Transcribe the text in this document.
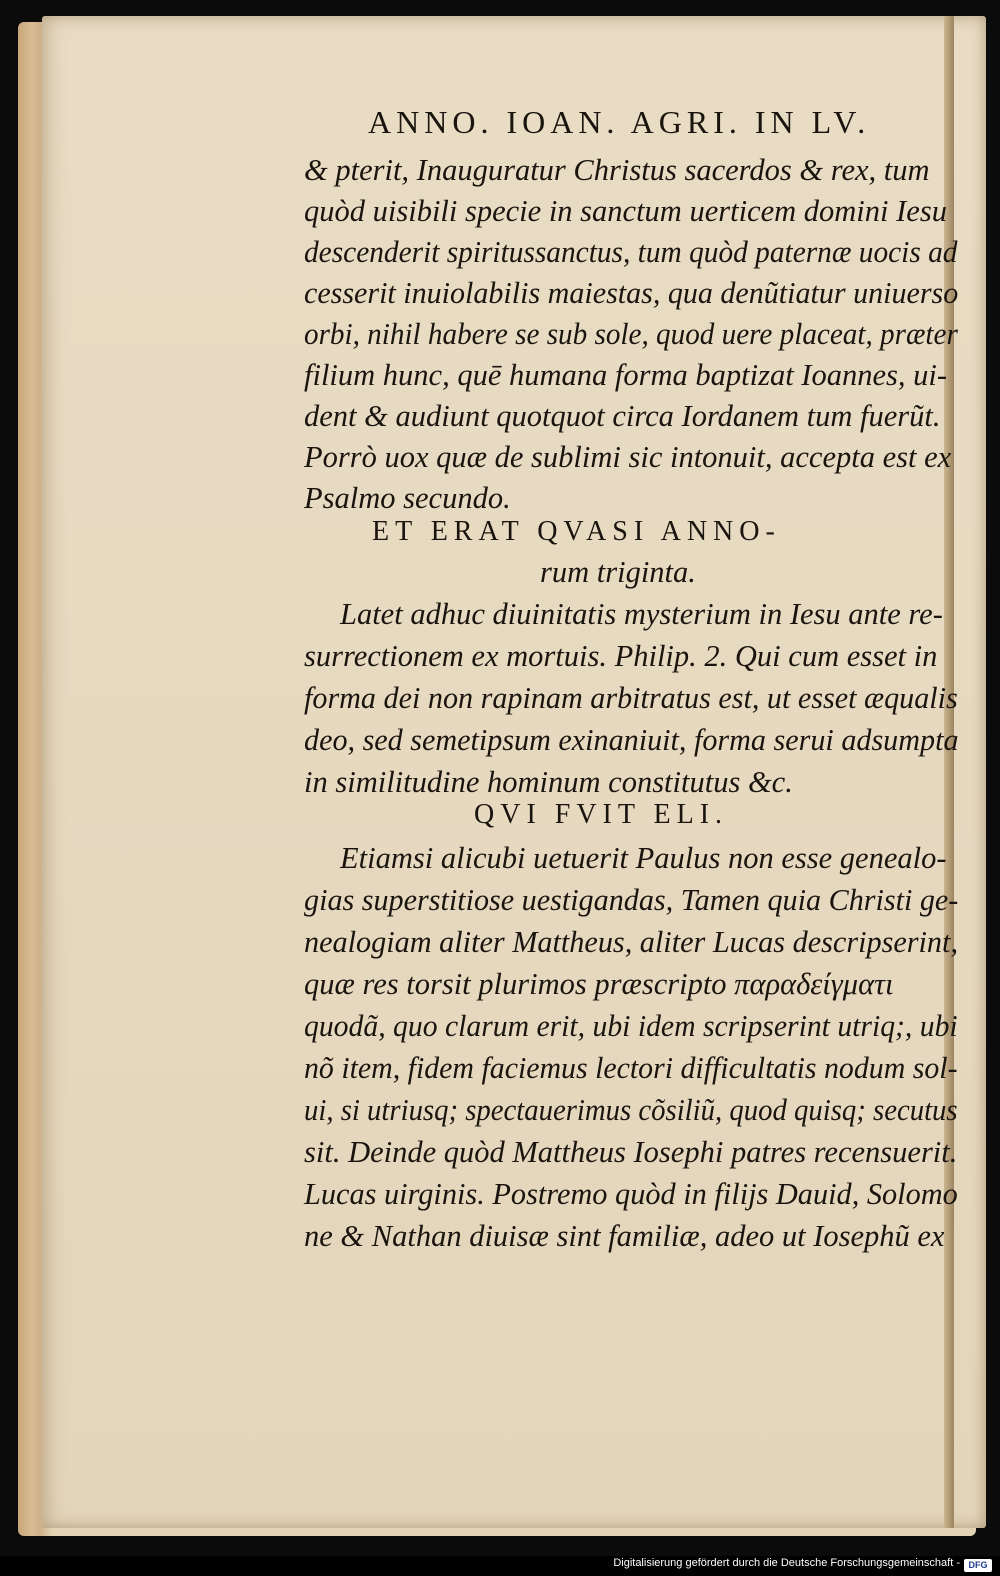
ANNO. IOAN. AGRI. IN LV.
& pterit, Inauguratur Christus sacerdos & rex, tum
quòd uisibili specie in sanctum uerticem domini Iesu
descenderit spiritussanctus, tum quòd paternæ uocis ad
cesserit inuiolabilis maiestas, qua denũtiatur uniuerso
orbi, nihil habere se sub sole, quod uere placeat, præter
filium hunc, quē humana forma baptizat Ioannes, ui-
dent & audiunt quotquot circa Iordanem tum fuerũt.
Porrò uox quæ de sublimi sic intonuit, accepta est ex
Psalmo secundo.
ET ERAT QVASI ANNO-
rum triginta.
Latet adhuc diuinitatis mysterium in Iesu ante re-
surrectionem ex mortuis. Philip. 2. Qui cum esset in
forma dei non rapinam arbitratus est, ut esset æqualis
deo, sed semetipsum exinaniuit, forma serui adsumpta
in similitudine hominum constitutus &c.
QVI FVIT ELI.
Etiamsi alicubi uetuerit Paulus non esse genealo-
gias superstitiose uestigandas, Tamen quia Christi ge-
nealogiam aliter Mattheus, aliter Lucas descripserint,
quæ res torsit plurimos præscripto παραδείγματι
quodã, quo clarum erit, ubi idem scripserint utriq;, ubi
nõ item, fidem faciemus lectori difficultatis nodum sol-
ui, si utriusq; spectauerimus cõsiliũ, quod quisq; secutus
sit. Deinde quòd Mattheus Iosephi patres recensuerit.
Lucas uirginis. Postremo quòd in filijs Dauid, Solomo
ne & Nathan diuisæ sint familiæ, adeo ut Iosephũ ex
Digitalisierung gefördert durch die Deutsche Forschungsgemeinschaft - DFG
